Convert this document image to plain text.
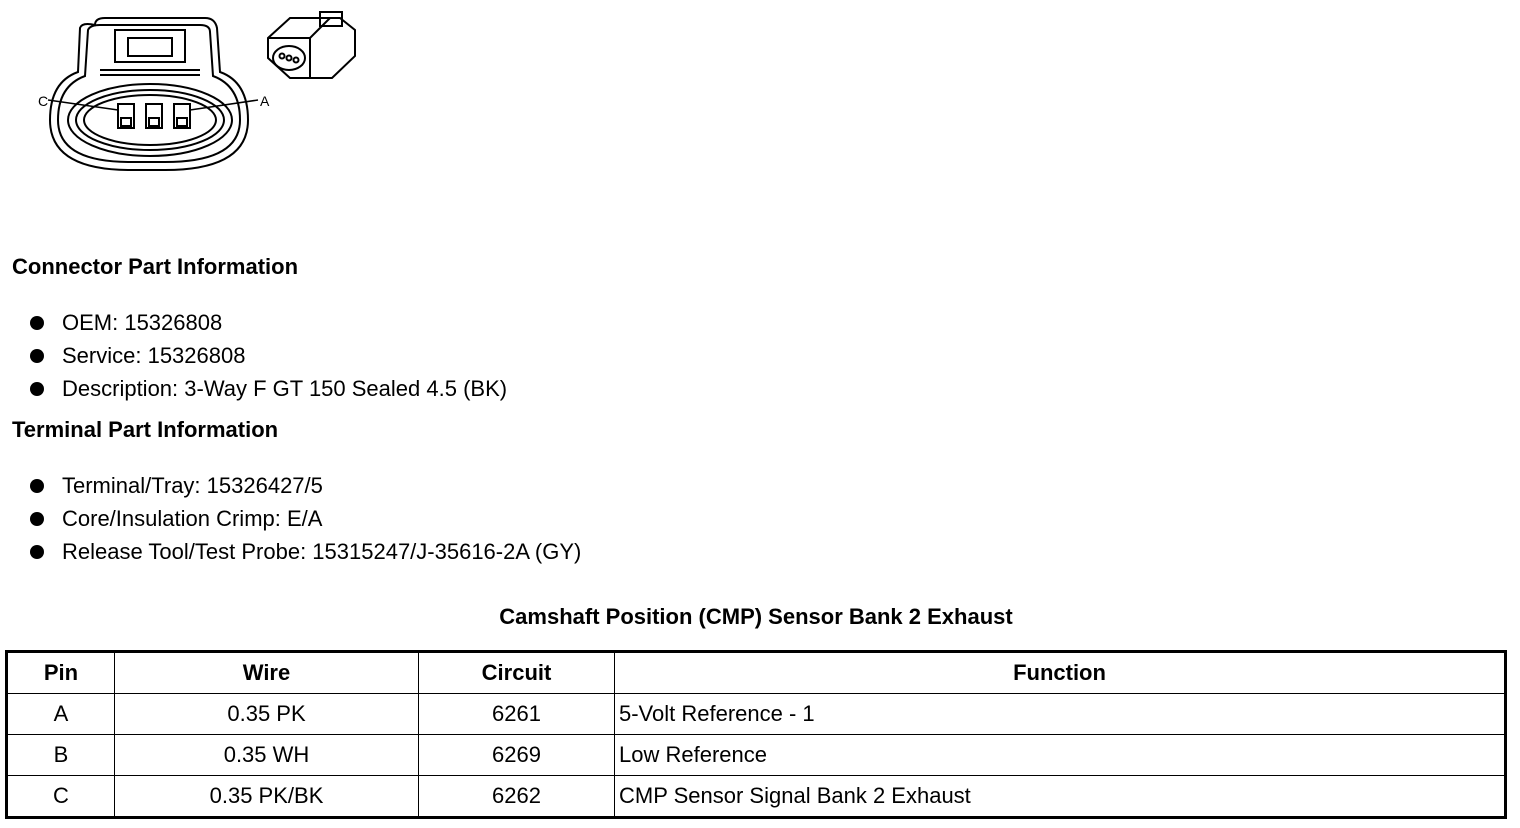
C	A
Connector Part Information
OEM: 15326808
Service: 15326808
Description: 3-Way F GT 150 Sealed 4.5 (BK)
Terminal Part Information
Terminal/Tray: 15326427/5
Core/Insulation Crimp: E/A
Release Tool/Test Probe: 15315247/J-35616-2A (GY)
Camshaft Position (CMP) Sensor Bank 2 Exhaust
Pin	Wire	Circuit	Function
A	0.35 PK	6261	5-Volt Reference - 1
B	0.35 WH	6269	Low Reference
C	0.35 PK/BK	6262	CMP Sensor Signal Bank 2 Exhaust
